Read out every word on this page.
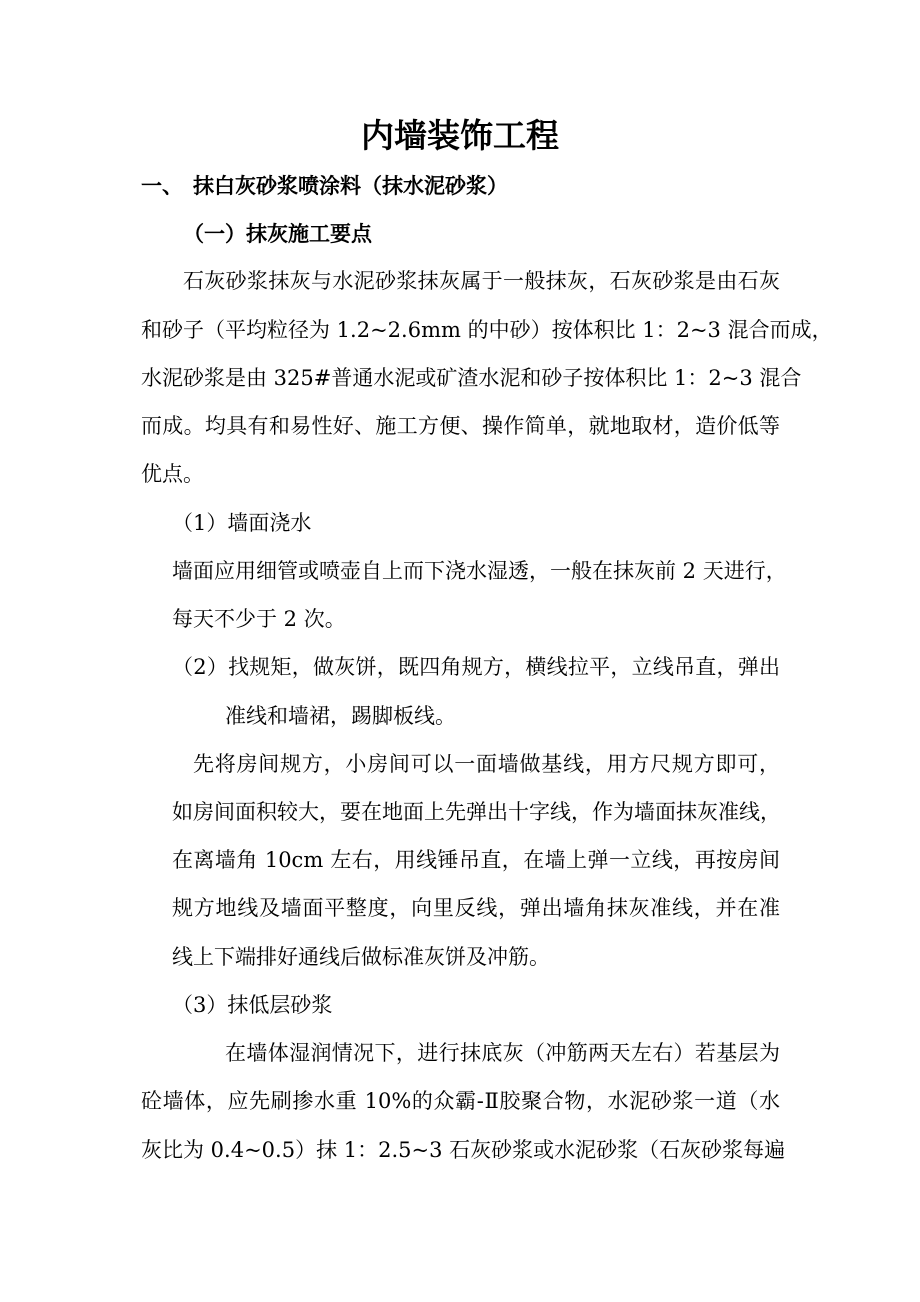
内墙装饰工程
一、 抹白灰砂浆喷涂料（抹水泥砂浆）
（一）抹灰施工要点
石灰砂浆抹灰与水泥砂浆抹灰属于一般抹灰，石灰砂浆是由石灰
和砂子（平均粒径为 1.2~2.6mm 的中砂）按体积比 1：2~3 混合而成，
水泥砂浆是由 325#普通水泥或矿渣水泥和砂子按体积比 1：2~3 混合
而成。均具有和易性好、施工方便、操作简单，就地取材，造价低等
优点。
（1）墙面浇水
墙面应用细管或喷壶自上而下浇水湿透，一般在抹灰前 2 天进行，
每天不少于 2 次。
（2）找规矩，做灰饼，既四角规方，横线拉平，立线吊直，弹出
准线和墙裙，踢脚板线。
先将房间规方，小房间可以一面墙做基线，用方尺规方即可，
如房间面积较大，要在地面上先弹出十字线，作为墙面抹灰准线，
在离墙角 10cm 左右，用线锤吊直，在墙上弹一立线，再按房间
规方地线及墙面平整度，向里反线，弹出墙角抹灰准线，并在准
线上下端排好通线后做标准灰饼及冲筋。
（3）抹低层砂浆
在墙体湿润情况下，进行抹底灰（冲筋两天左右）若基层为
砼墙体，应先刷掺水重 10%的众霸-Ⅱ胶聚合物，水泥砂浆一道（水
灰比为 0.4~0.5）抹 1：2.5~3 石灰砂浆或水泥砂浆（石灰砂浆每遍
